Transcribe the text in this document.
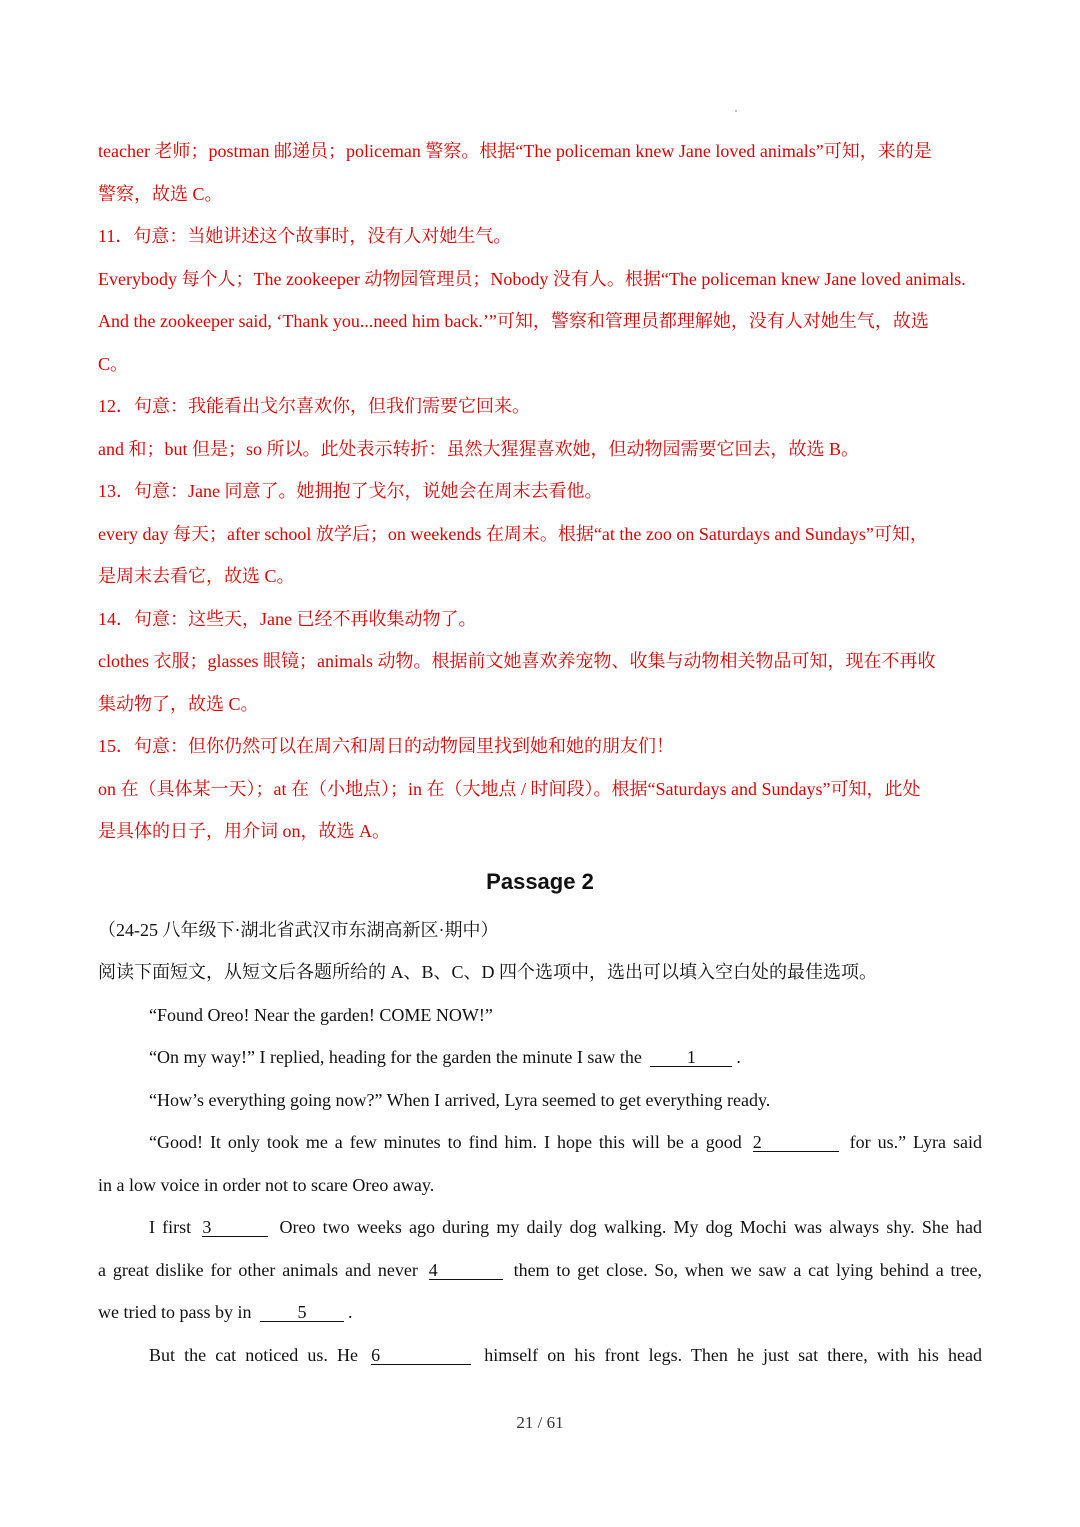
teacher 老师；postman 邮递员；policeman 警察。根据“The policeman knew Jane loved animals”可知，来的是
警察，故选 C。
11．句意：当她讲述这个故事时，没有人对她生气。
Everybody 每个人；The zookeeper 动物园管理员；Nobody 没有人。根据“The policeman knew Jane loved animals.
And the zookeeper said, ‘Thank you...need him back.’”可知，警察和管理员都理解她，没有人对她生气，故选
C。
12．句意：我能看出戈尔喜欢你，但我们需要它回来。
and 和；but 但是；so 所以。此处表示转折：虽然大猩猩喜欢她，但动物园需要它回去，故选 B。
13．句意：Jane 同意了。她拥抱了戈尔，说她会在周末去看他。
every day 每天；after school 放学后；on weekends 在周末。根据“at the zoo on Saturdays and Sundays”可知，
是周末去看它，故选 C。
14．句意：这些天，Jane 已经不再收集动物了。
clothes 衣服；glasses 眼镜；animals 动物。根据前文她喜欢养宠物、收集与动物相关物品可知，现在不再收
集动物了，故选 C。
15．句意：但你仍然可以在周六和周日的动物园里找到她和她的朋友们！
on 在（具体某一天）；at 在（小地点）；in 在（大地点 / 时间段）。根据“Saturdays and Sundays”可知，此处
是具体的日子，用介词 on，故选 A。
Passage 2
（24-25 八年级下·湖北省武汉市东湖高新区·期中）
阅读下面短文，从短文后各题所给的 A、B、C、D 四个选项中，选出可以填入空白处的最佳选项。
“Found Oreo! Near the garden! COME NOW!”
“On my way!” I replied, heading for the garden the minute I saw the	1 .
“How’s everything going now?” When I arrived, Lyra seemed to get everything ready.
“Good! It only took me a few minutes to find him. I hope this will be a good 2	for us.” Lyra said
in a low voice in order not to scare Oreo away.
I first 3	Oreo two weeks ago during my daily dog walking. My dog Mochi was always shy. She had
a great dislike for other animals and never 4	them to get close. So, when we saw a cat lying behind a tree,
we tried to pass by in	5 .
But the cat noticed us. He 6	himself on his front legs. Then he just sat there, with his head
21 / 61
